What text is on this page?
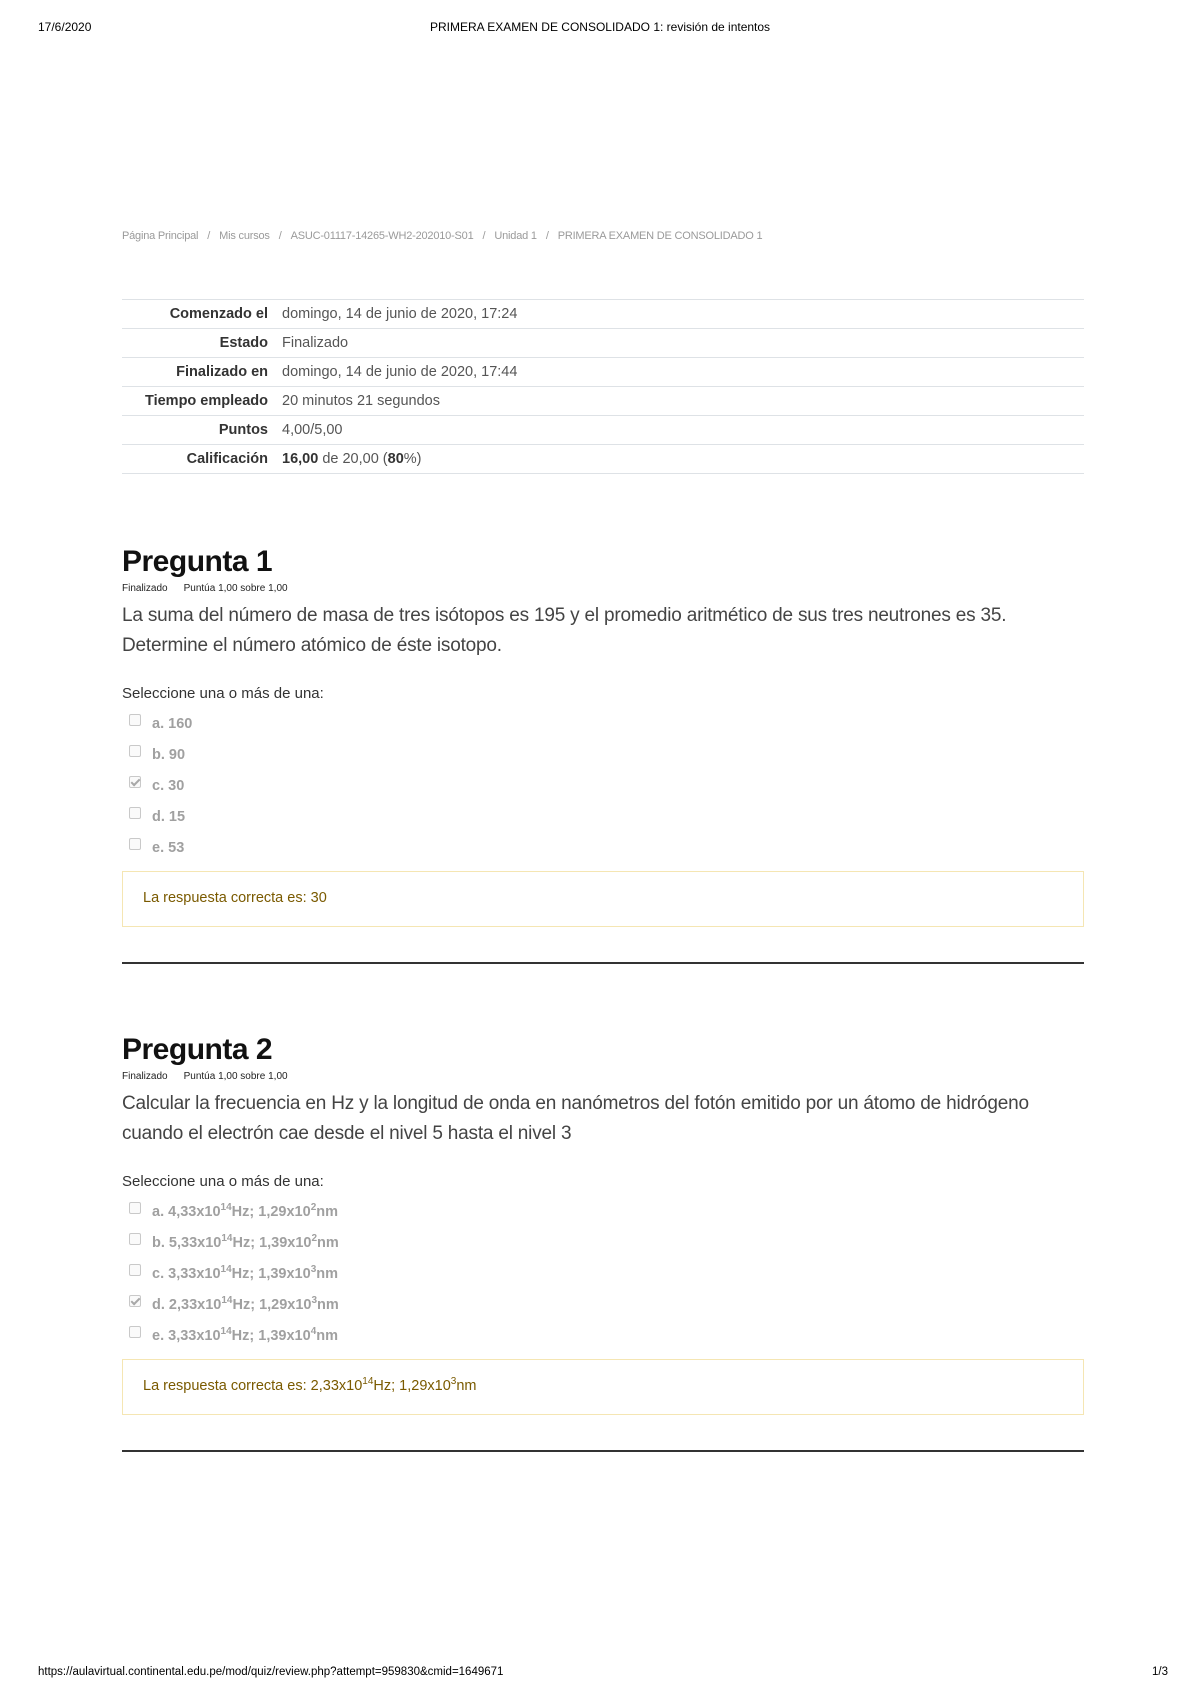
17/6/2020	PRIMERA EXAMEN DE CONSOLIDADO 1: revisión de intentos
Página Principal / Mis cursos / ASUC-01117-14265-WH2-202010-S01 / Unidad 1 / PRIMERA EXAMEN DE CONSOLIDADO 1
Comenzado el	domingo, 14 de junio de 2020, 17:24
Estado	Finalizado
Finalizado en	domingo, 14 de junio de 2020, 17:44
Tiempo empleado	20 minutos 21 segundos
Puntos	4,00/5,00
Calificación	16,00 de 20,00 (80%)
Pregunta 1
Finalizado Puntúa 1,00 sobre 1,00
La suma del número de masa de tres isótopos es 195 y el promedio aritmético de sus tres neutrones es 35. Determine el número atómico de éste isotopo.
Seleccione una o más de una:
a. 160
b. 90
c. 30
d. 15
e. 53
La respuesta correcta es: 30
Pregunta 2
Finalizado Puntúa 1,00 sobre 1,00
Calcular la frecuencia en Hz y la longitud de onda en nanómetros del fotón emitido por un átomo de hidrógeno cuando el electrón cae desde el nivel 5 hasta el nivel 3
Seleccione una o más de una:
a. $4,33x10^{14}Hz$; $1,29x10^2nm$
b. $5,33x10^{14}Hz$; $1,39x10^2nm$
c. $3,33x10^{14}Hz$; $1,39x10^3nm$
d. $2,33x10^{14}Hz$; $1,29x10^3nm$
e. $3,33x10^{14}Hz$; $1,39x10^4nm$
La respuesta correcta es: $2,33x10^{14}Hz$; $1,29x10^3nm$
https://aulavirtual.continental.edu.pe/mod/quiz/review.php?attempt=959830&cmid=1649671	1/3
